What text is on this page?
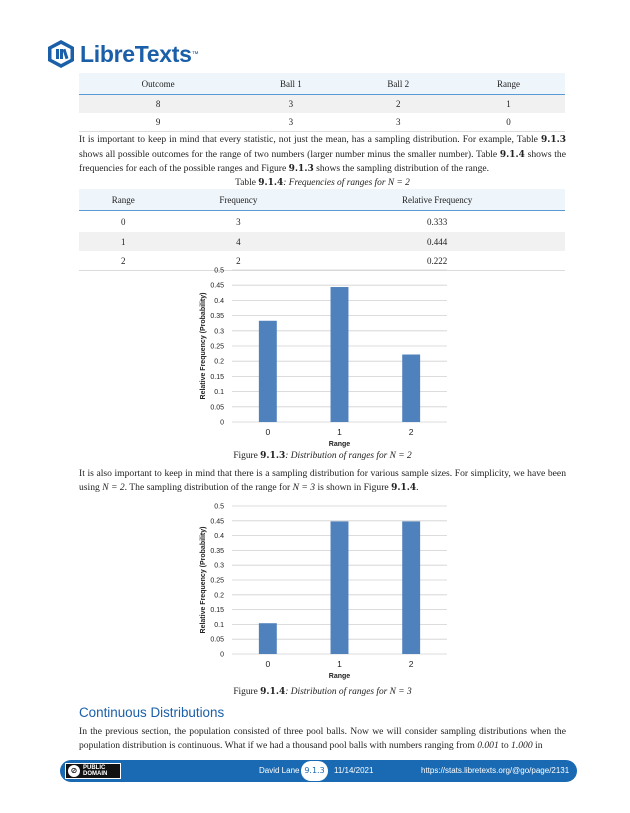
LibreTexts ™
Outcome	Ball 1	Ball 2	Range
8	3	2	1
9	3	3	0

It is important to keep in mind that every statistic, not just the mean, has a sampling distribution. For example, Table 9.1.3 shows all possible outcomes for the range of two numbers (larger number minus the smaller number). Table 9.1.4 shows the frequencies for each of the possible ranges and Figure 9.1.3 shows the sampling distribution of the range.

Table 9.1.4: Frequencies of ranges for N = 2
Range	Frequency	Relative Frequency
0	3	0.333
1	4	0.444
2	2	0.222
0
0.05
0.1
0.15
0.2
0.25
0.3
0.35
0.4
0.45
0.5
0	1	2
Range
Relative Frequency (Probability)
Figure 9.1.3: Distribution of ranges for N = 2

It is also important to keep in mind that there is a sampling distribution for various sample sizes. For simplicity, we have been using N = 2. The sampling distribution of the range for N = 3 is shown in Figure 9.1.4.

0
0.05
0.1
0.15
0.2
0.25
0.3
0.35
0.4
0.45
0.5
0	1	2
Range
Relative Frequency (Probability)
Figure 9.1.4: Distribution of ranges for N = 3
Continuous Distributions

In the previous section, the population consisted of three pool balls. Now we will consider sampling distributions when the population distribution is continuous. What if we had a thousand pool balls with numbers ranging from 0.001 to 1.000 in

⊘ PUBLIC
DOMAIN	David Lane 9.1.3	11/14/2021	https://stats.libretexts.org/@go/page/2131
